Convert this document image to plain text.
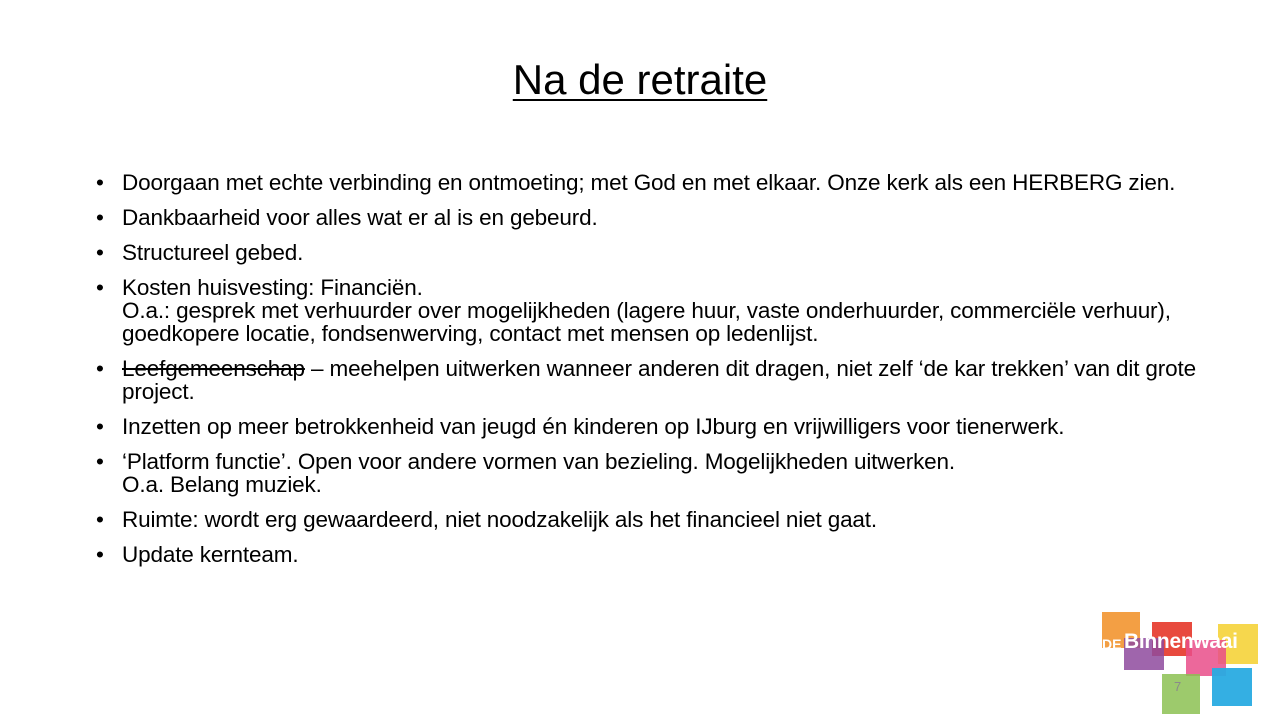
Na de retraite
• Doorgaan met echte verbinding en ontmoeting; met God en met elkaar. Onze kerk als een HERBERG zien.
• Dankbaarheid voor alles wat er al is en gebeurd.
• Structureel gebed.
• Kosten huisvesting: Financiën.
O.a.: gesprek met verhuurder over mogelijkheden (lagere huur, vaste onderhuurder, commerciële verhuur), goedkopere locatie, fondsenwerving, contact met mensen op ledenlijst.
• Leefgemeenschap – meehelpen uitwerken wanneer anderen dit dragen, niet zelf ‘de kar trekken’ van dit grote project.
• Inzetten op meer betrokkenheid van jeugd én kinderen op IJburg en vrijwilligers voor tienerwerk.
• ‘Platform functie’. Open voor andere vormen van bezieling. Mogelijkheden uitwerken.
O.a. Belang muziek.
• Ruimte: wordt erg gewaardeerd, niet noodzakelijk als het financieel niet gaat.
• Update kernteam.
DE Binnenwaai
7
